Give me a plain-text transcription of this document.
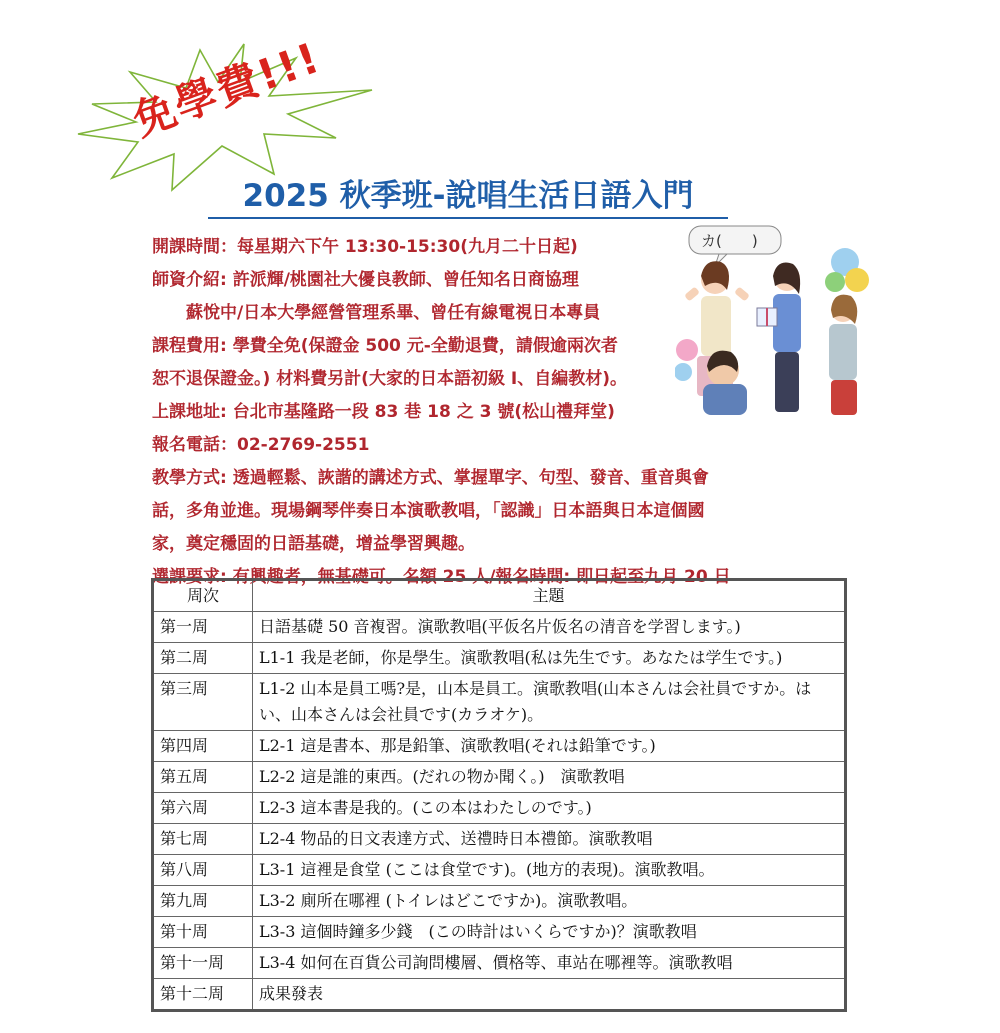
免學費!!!
2025 秋季班-說唱生活日語入門
開課時間：每星期六下午 13:30-15:30(九月二十日起)
師資介紹: 許派輝/桃園社大優良教師、曾任知名日商協理
　　蘇悅中/日本大學經營管理系畢、曾任有線電視日本專員
課程費用: 學費全免(保證金 500 元-全勤退費，請假逾兩次者
恕不退保證金。) 材料費另計(大家的日本語初級 I、自編教材)。
上課地址: 台北市基隆路一段 83 巷 18 之 3 號(松山禮拜堂)
報名電話：02-2769-2551
教學方式: 透過輕鬆、詼諧的講述方式、掌握單字、句型、發音、重音與會
話，多角並進。現場鋼琴伴奏日本演歌教唱，「認識」日本語與日本這個國
家，奠定穩固的日語基礎，增益學習興趣。
選課要求: 有興趣者，無基礎可。名額 25 人/報名時間: 即日起至九月 20 日
カ(　　)
周次	主題
第一周	日語基礎 50 音複習。演歌教唱(平仮名片仮名の清音を学習します。)
第二周	L1-1 我是老師，你是學生。演歌教唱(私は先生です。あなたは学生です。)
第三周	L1-2 山本是員工嗎?是，山本是員工。演歌教唱(山本さんは会社員ですか。はい、山本さんは会社員です(カラオケ)。
第四周	L2-1 這是書本、那是鉛筆、演歌教唱(それは鉛筆です。)
第五周	L2-2 這是誰的東西。(だれの物か聞く。)　演歌教唱
第六周	L2-3 這本書是我的。(この本はわたしのです。)
第七周	L2-4 物品的日文表達方式、送禮時日本禮節。演歌教唱
第八周	L3-1 這裡是食堂 (ここは食堂です)。(地方的表現)。演歌教唱。
第九周	L3-2 廁所在哪裡 (トイレはどこですか)。演歌教唱。
第十周	L3-3 這個時鐘多少錢　(この時計はいくらですか)？演歌教唱
第十一周	L3-4 如何在百貨公司詢問樓層、價格等、車站在哪裡等。演歌教唱
第十二周	成果發表
